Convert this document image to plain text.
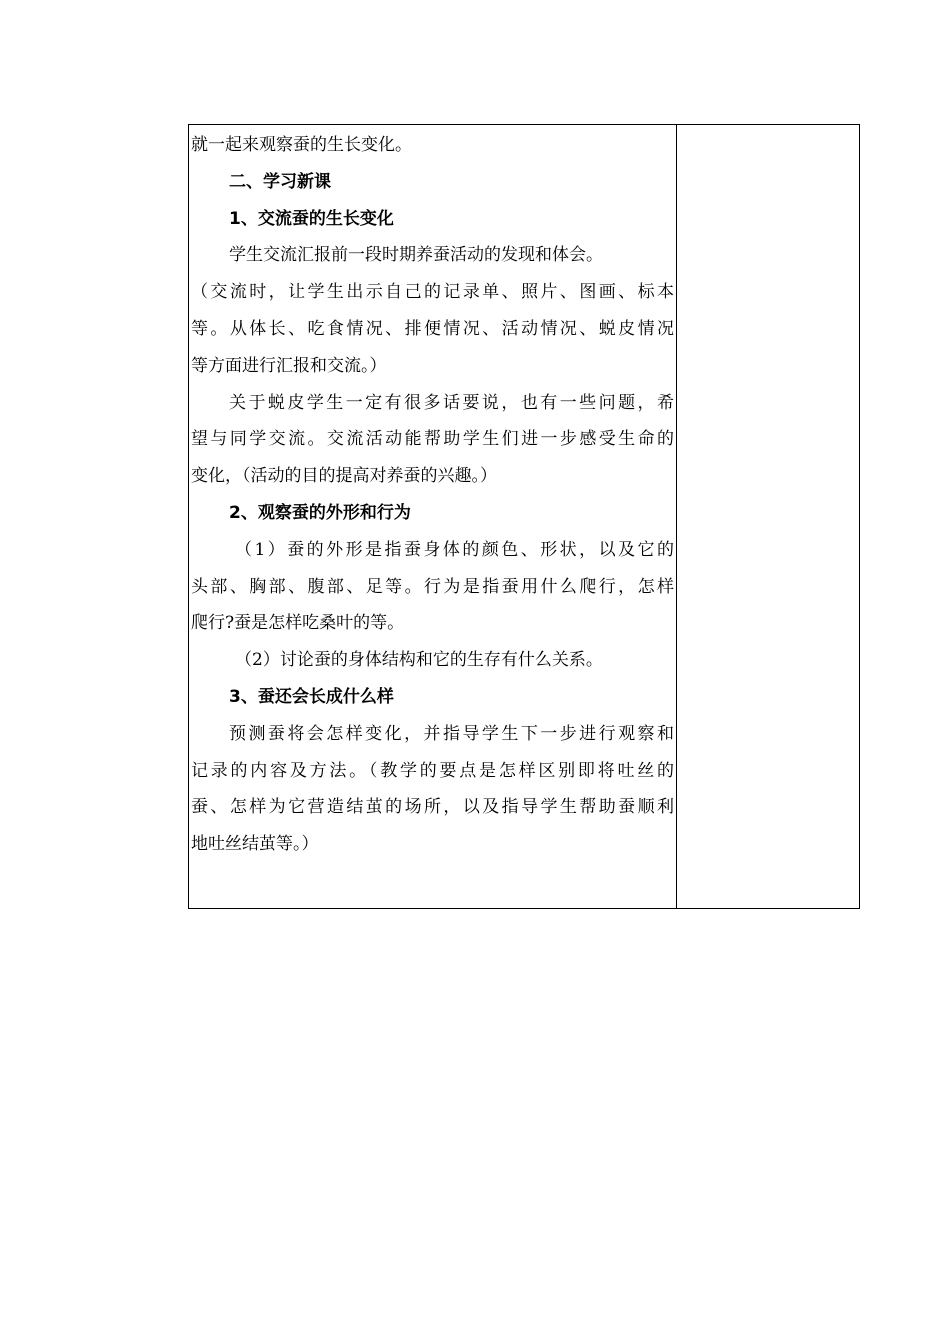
就一起来观察蚕的生长变化。
二、学习新课
1、交流蚕的生长变化
学生交流汇报前一段时期养蚕活动的发现和体会。
（交流时，让学生出示自己的记录单、照片、图画、标本
等。从体长、吃食情况、排便情况、活动情况、蜕皮情况
等方面进行汇报和交流。）
关于蜕皮学生一定有很多话要说，也有一些问题，希
望与同学交流。交流活动能帮助学生们进一步感受生命的
变化，（活动的目的提高对养蚕的兴趣。）
2、观察蚕的外形和行为
（1）蚕的外形是指蚕身体的颜色、形状，以及它的
头部、胸部、腹部、足等。行为是指蚕用什么爬行，怎样
爬行?蚕是怎样吃桑叶的等。
（2）讨论蚕的身体结构和它的生存有什么关系。
3、蚕还会长成什么样
预测蚕将会怎样变化，并指导学生下一步进行观察和
记录的内容及方法。（教学的要点是怎样区别即将吐丝的
蚕、怎样为它营造结茧的场所，以及指导学生帮助蚕顺利
地吐丝结茧等。）
